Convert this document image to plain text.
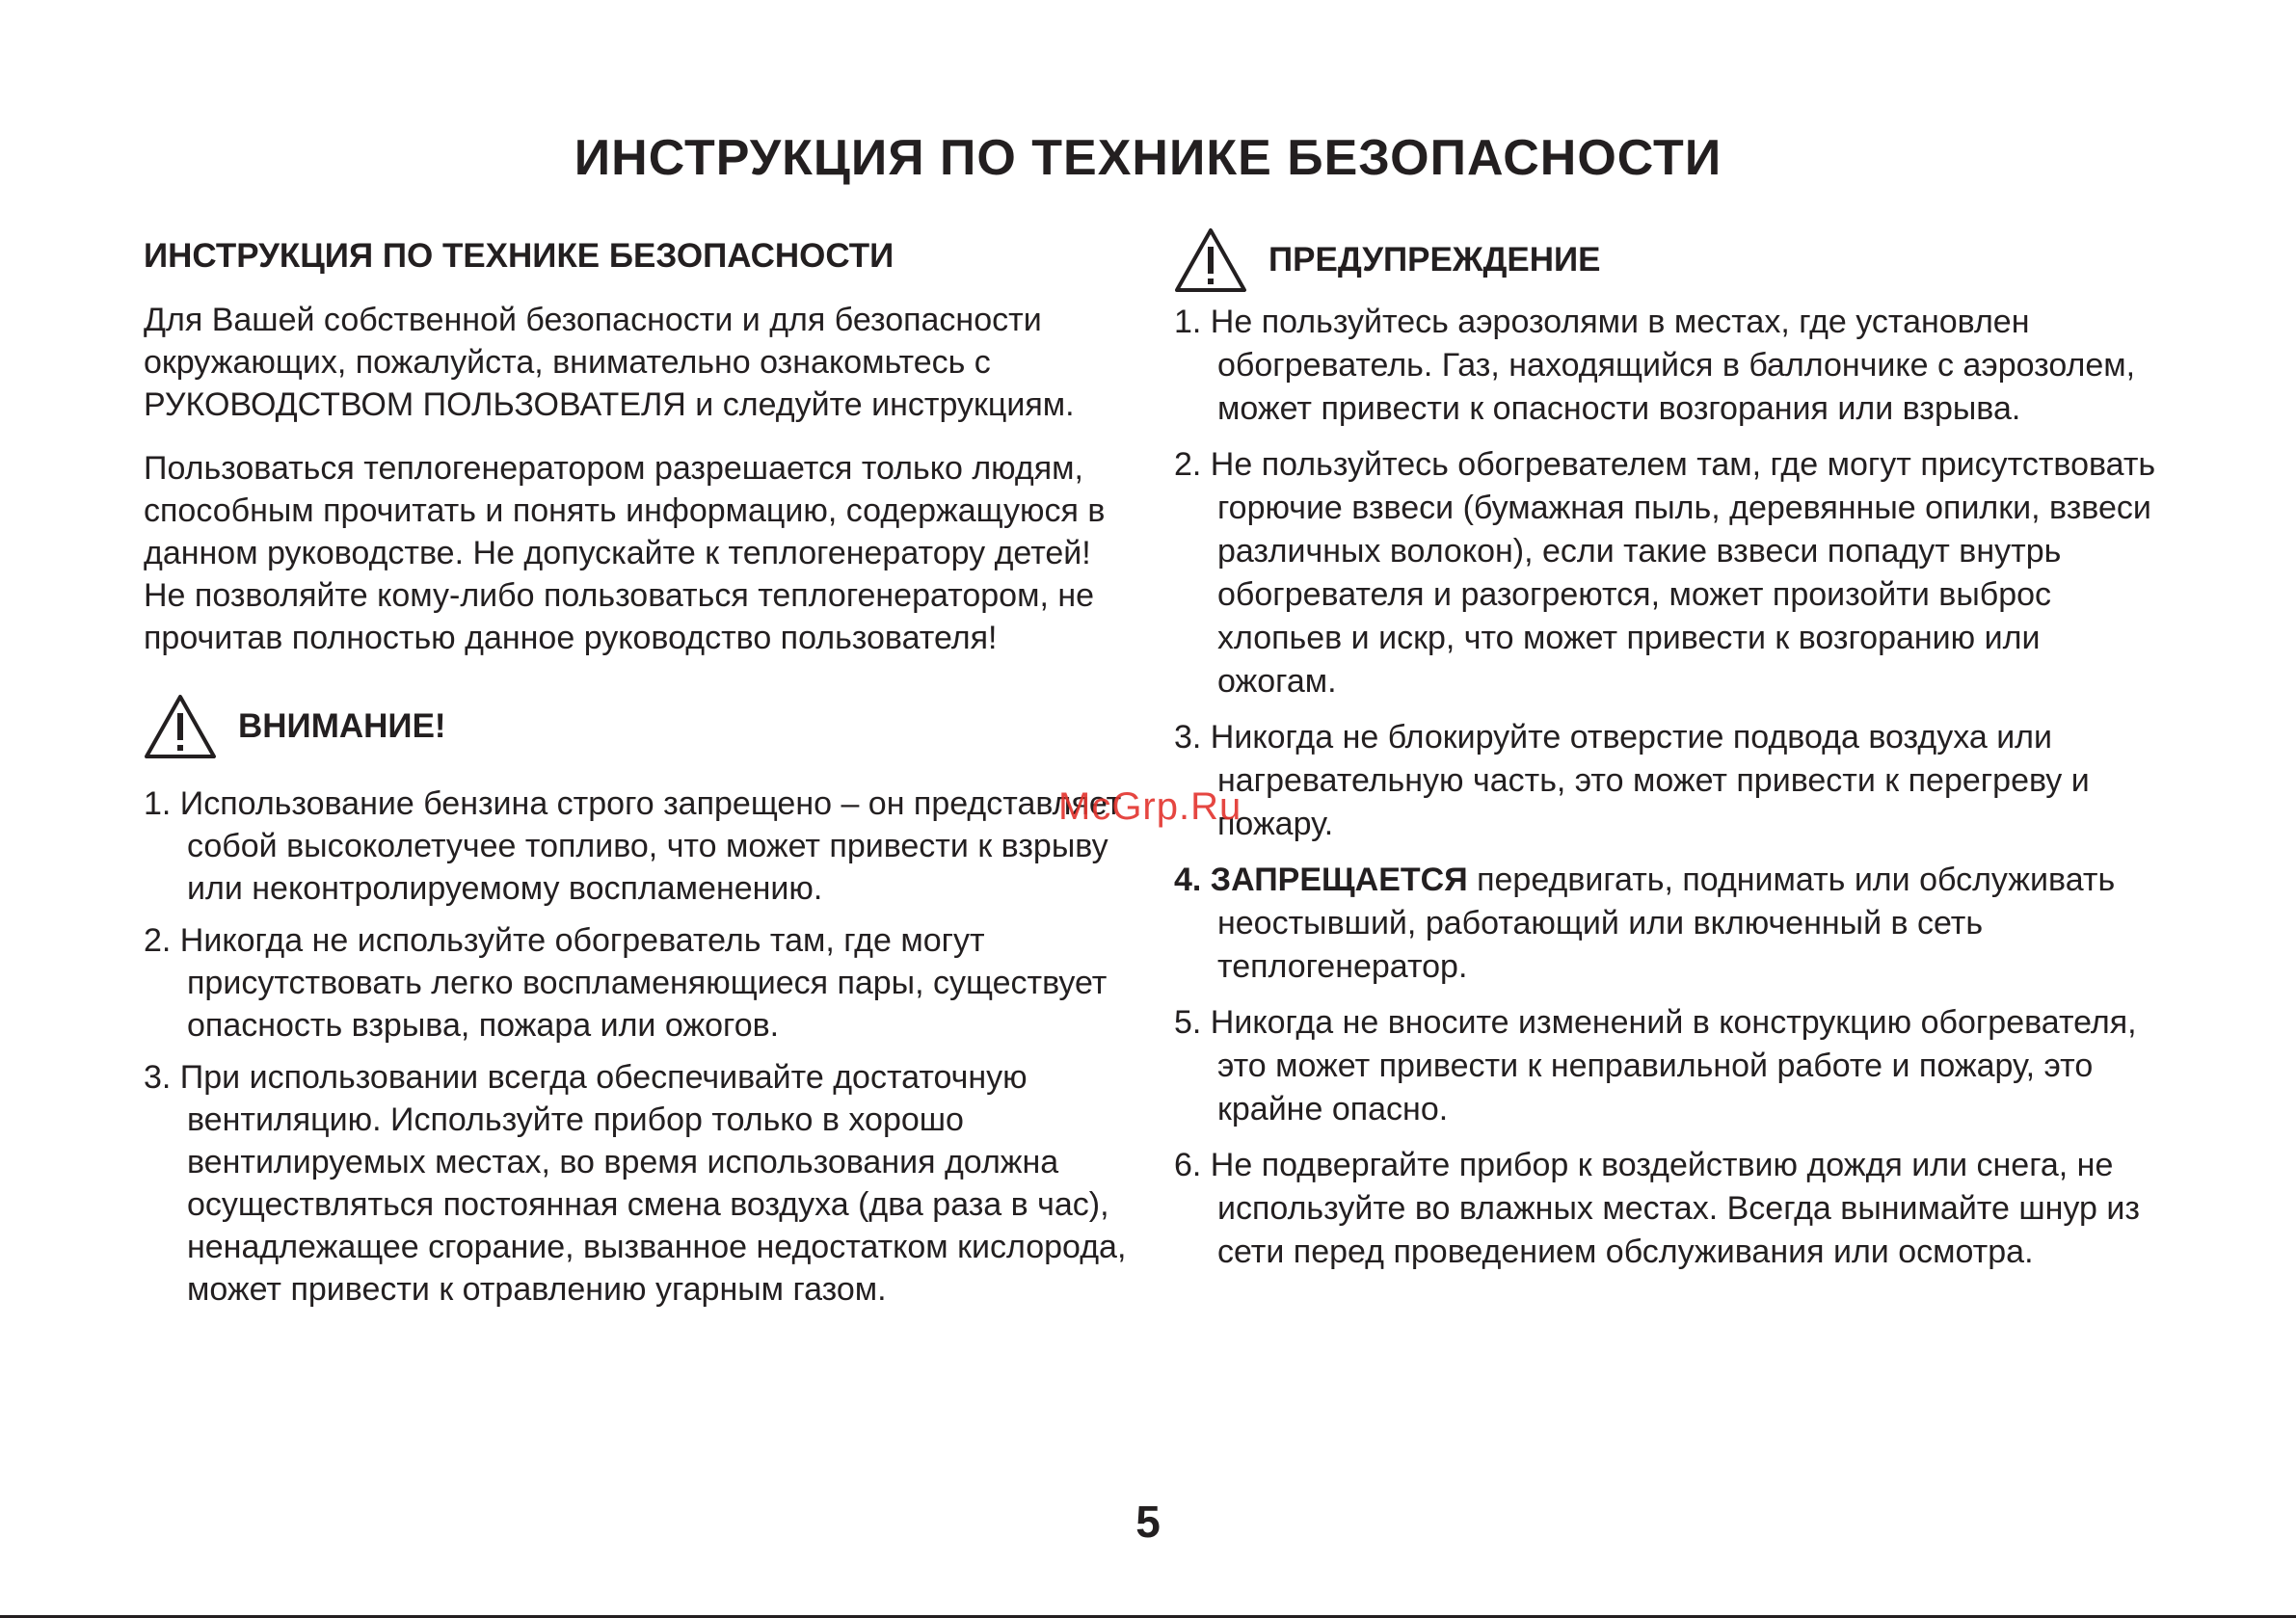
ИНСТРУКЦИЯ ПО ТЕХНИКЕ БЕЗОПАСНОСТИ
ИНСТРУКЦИЯ ПО ТЕХНИКЕ БЕЗОПАСНОСТИ

Для Вашей собственной безопасности и для безопасности окружающих, пожалуйста, внимательно ознакомьтесь с РУКОВОДСТВОМ ПОЛЬЗОВАТЕЛЯ и следуйте инструкциям.

Пользоваться теплогенератором разрешается только людям, способным прочитать и понять информацию, содержащуюся в данном руководстве. Не допускайте к теплогенератору детей! Не позволяйте кому-либо пользоваться теплогенератором, не прочитав полностью данное руководство пользователя!

ВНИМАНИЕ!
1. Использование бензина строго запрещено – он представляет собой высоколетучее топливо, что может привести к взрыву или неконтролируемому воспламенению.
2. Никогда не используйте обогреватель там, где могут присутствовать легко воспламеняющиеся пары, существует опасность взрыва, пожара или ожогов.
3. При использовании всегда обеспечивайте достаточную вентиляцию. Используйте прибор только в хорошо вентилируемых местах, во время использования должна осуществляться постоянная смена воздуха (два раза в час), ненадлежащее сгорание, вызванное недостатком кислорода, может привести к отравлению угарным газом.
ПРЕДУПРЕЖДЕНИЕ
1. Не пользуйтесь аэрозолями в местах, где установлен обогреватель. Газ, находящийся в баллончике с аэрозолем, может привести к опасности возгорания или взрыва.
2. Не пользуйтесь обогревателем там, где могут присутствовать горючие взвеси (бумажная пыль, деревянные опилки, взвеси различных волокон), если такие взвеси попадут внутрь обогревателя и разогреются, может произойти выброс хлопьев и искр, что может привести к возгоранию или ожогам.
3. Никогда не блокируйте отверстие подвода воздуха или нагревательную часть, это может привести к перегреву и пожару.
4. ЗАПРЕЩАЕТСЯ передвигать, поднимать или обслуживать неостывший, работающий или включенный в сеть теплогенератор.
5. Никогда не вносите изменений в конструкцию обогревателя, это может привести к неправильной работе и пожару, это крайне опасно.
6. Не подвергайте прибор к воздействию дождя или снега, не используйте во влажных местах. Всегда вынимайте шнур из сети перед проведением обслуживания или осмотра.
McGrp.Ru
5
